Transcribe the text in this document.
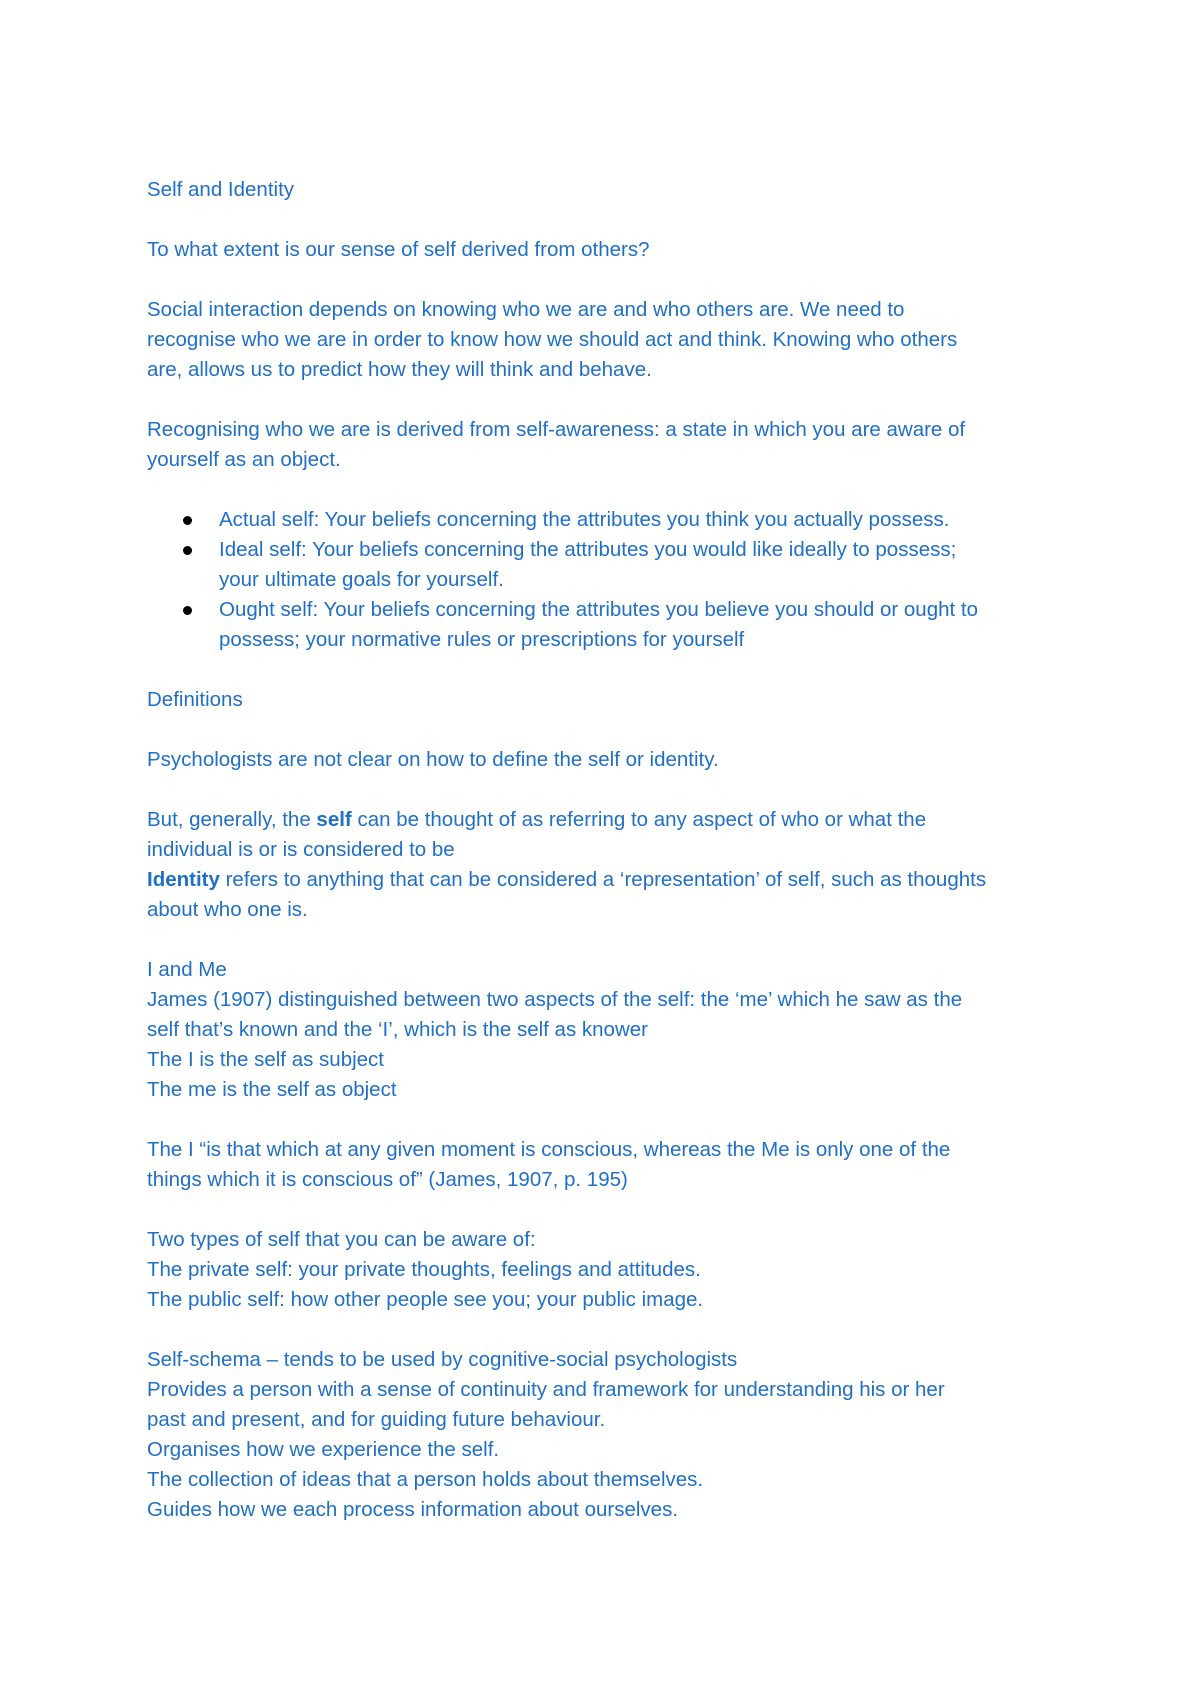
Self and Identity

To what extent is our sense of self derived from others?

Social interaction depends on knowing who we are and who others are. We need to
recognise who we are in order to know how we should act and think. Knowing who others
are, allows us to predict how they will think and behave.

Recognising who we are is derived from self-awareness: a state in which you are aware of
yourself as an object.

Actual self: Your beliefs concerning the attributes you think you actually possess.
Ideal self: Your beliefs concerning the attributes you would like ideally to possess;
your ultimate goals for yourself.
Ought self: Your beliefs concerning the attributes you believe you should or ought to
possess; your normative rules or prescriptions for yourself

Definitions

Psychologists are not clear on how to define the self or identity.

But, generally, the self can be thought of as referring to any aspect of who or what the
individual is or is considered to be
Identity refers to anything that can be considered a ‘representation’ of self, such as thoughts
about who one is.

I and Me
James (1907) distinguished between two aspects of the self: the ‘me’ which he saw as the
self that’s known and the ‘I’, which is the self as knower
The I is the self as subject
The me is the self as object

The I “is that which at any given moment is conscious, whereas the Me is only one of the
things which it is conscious of” (James, 1907, p. 195)

Two types of self that you can be aware of:
The private self: your private thoughts, feelings and attitudes.
The public self: how other people see you; your public image.

Self-schema – tends to be used by cognitive-social psychologists
Provides a person with a sense of continuity and framework for understanding his or her
past and present, and for guiding future behaviour.
Organises how we experience the self.
The collection of ideas that a person holds about themselves.
Guides how we each process information about ourselves.
